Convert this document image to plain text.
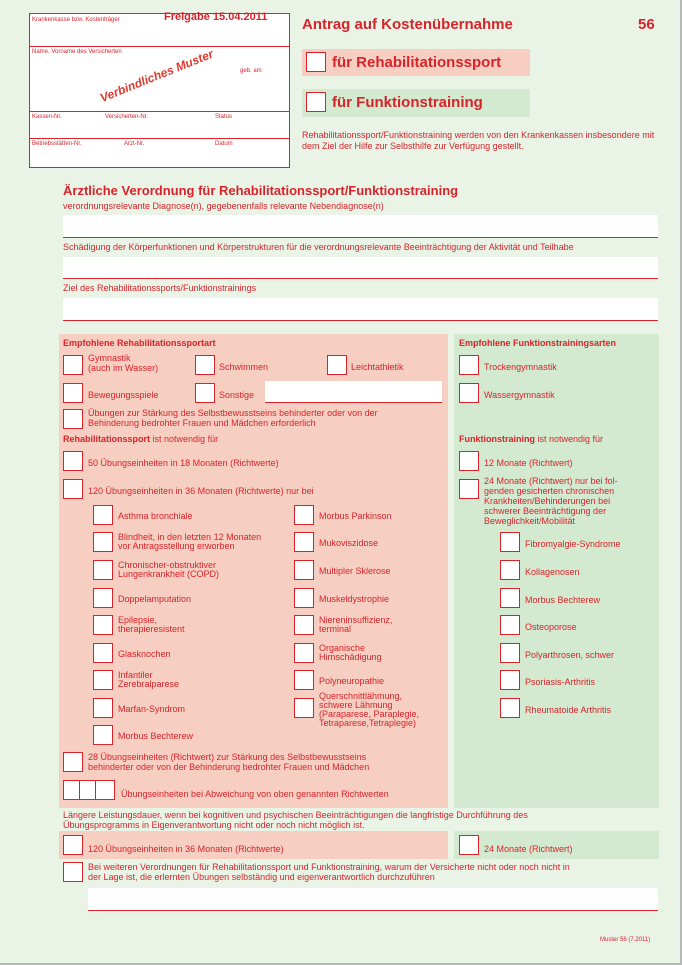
Krankenkasse bzw. Kostenträger
Name, Vorname des Versicherten
geb. am
Kassen-Nr.	Versicherten-Nr.	Status
Betriebsstätten-Nr.	Arzt-Nr.	Datum
Verbindliches Muster
Freigabe 15.04.2011 Antrag auf Kostenübernahme	56
für Rehabilitationssport
für Funktionstraining
Rehabilitationssport/Funktionstraining werden von den Krankenkassen insbesondere mit dem Ziel der Hilfe zur Selbsthilfe zur Verfügung gestellt.
Ärztliche Verordnung für Rehabilitationssport/Funktionstraining
verordnungsrelevante Diagnose(n), gegebenenfalls relevante Nebendiagnose(n)
Schädigung der Körperfunktionen und Körperstrukturen für die verordnungsrelevante Beeinträchtigung der Aktivität und Teilhabe
Ziel des Rehabilitationssports/Funktionstrainings
Empfohlene Rehabilitationssportart
Gymnastik
(auch im Wasser)	Schwimmen	Leichtathletik
Bewegungsspiele	Sonstige
Übungen zur Stärkung des Selbstbewusstseins behinderter oder von der
Behinderung bedrohter Frauen und Mädchen erforderlich
Rehabilitationssport ist notwendig für
50 Übungseinheiten in 18 Monaten (Richtwerte)
120 Übungseinheiten in 36 Monaten (Richtwerte) nur bei
28 Übungseinheiten (Richtwert) zur Stärkung des Selbstbewusstseins
behinderter oder von der Behinderung bedrohter Frauen und Mädchen
Übungseinheiten bei Abweichung von oben genannten Richtwerten
Asthma bronchiale
Blindheit, in den letzten 12 Monaten
vor Antragsstellung erworben
Chronischer-obstruktiver
Lungenkrankheit (COPD)
Doppelamputation
Epilepsie,
therapieresistent
Glasknochen
Infantiler
Zerebralparese
Marfan-Syndrom
Morbus Bechterew
Morbus Parkinson
Mukoviszidose
Multipler Sklerose
Muskeldystrophie
Niereninsuffizienz,
terminal
Organische
Hirnschädigung
Polyneuropathie
Querschnittlähmung,
schwere Lähmung
(Paraparese, Paraplegie,
Tetraparese,Tetraplegie)
Empfohlene Funktionstrainingsarten
Trockengymnastik
Wassergymnastik
Funktionstraining ist notwendig für
12 Monate (Richtwert)
24 Monate (Richtwert) nur bei fol-
genden gesicherten chronischen
Krankheiten/Behinderungen bei
schwerer Beeinträchtigung der
Beweglichkeit/Mobilität
Fibromyalgie-Syndrome
Kollagenosen
Morbus Bechterew
Osteoporose
Polyarthrosen, schwer
Psoriasis-Arthritis
Rheumatoide Arthritis
Längere Leistungsdauer, wenn bei kognitiven und psychischen Beeinträchtigungen die langfristige Durchführung des
Übungsprogramms in Eigenverantwortung nicht oder noch nicht möglich ist.
120 Übungseinheiten in 36 Monaten (Richtwerte)	24 Monate (Richtwert)
Bei weiteren Verordnungen für Rehabilitationssport und Funktionstraining, warum der Versicherte nicht oder noch nicht in
der Lage ist, die erlernten Übungen selbständig und eigenverantwortlich durchzuführen
Muster 56 (7.2011)
